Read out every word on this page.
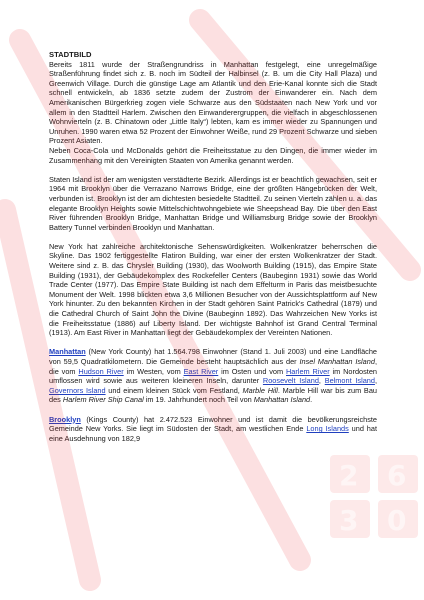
2 6
3 0

STADTBILD

Bereits 1811 wurde der Straßengrundriss in Manhattan festgelegt, eine unregelmäßige Straßenführung findet sich z. B. noch im Südteil der Halbinsel (z. B. um die City Hall Plaza) und Greenwich Village. Durch die günstige Lage am Atlantik und den Erie-Kanal konnte sich die Stadt schnell entwickeln, ab 1836 setzte zudem der Zustrom der Einwanderer ein. Nach dem Amerikanischen Bürgerkrieg zogen viele Schwarze aus den Südstaaten nach New York und vor allem in den Stadtteil Harlem. Zwischen den Einwanderergruppen, die vielfach in abgeschlossenen Wohnvierteln (z. B. Chinatown oder „Little Italy“) lebten, kam es immer wieder zu Spannungen und Unruhen. 1990 waren etwa 52 Prozent der Einwohner Weiße, rund 29 Prozent Schwarze und sieben Prozent Asiaten.

Neben Coca-Cola und McDonalds gehört die Freiheitsstatue zu den Dingen, die immer wieder im Zusammenhang mit den Vereinigten Staaten von Amerika genannt werden.

Staten Island ist der am wenigsten verstädterte Bezirk. Allerdings ist er beachtlich gewachsen, seit er 1964 mit Brooklyn über die Verrazano Narrows Bridge, eine der größten Hängebrücken der Welt, verbunden ist. Brooklyn ist der am dichtesten besiedelte Stadtteil. Zu seinen Vierteln zählen u. a. das elegante Brooklyn Heights sowie Mittelschichtwohngebiete wie Sheepshead Bay. Die über den East River führenden Brooklyn Bridge, Manhattan Bridge und Williamsburg Bridge sowie der Brooklyn Battery Tunnel verbinden Brooklyn und Manhattan.

New York hat zahlreiche architektonische Sehenswürdigkeiten. Wolkenkratzer beherrschen die Skyline. Das 1902 fertiggestellte Flatiron Building, war einer der ersten Wolkenkratzer der Stadt. Weitere sind z. B. das Chrysler Building (1930), das Woolworth Building (1915), das Empire State Building (1931), der Gebäudekomplex des Rockefeller Centers (Baubeginn 1931) sowie das World Trade Center (1977). Das Empire State Building ist nach dem Effelturm in Paris das meistbesuchte Monument der Welt. 1998 blickten etwa 3,6 Millionen Besucher von der Aussichtsplattform auf New York hinunter. Zu den bekannten Kirchen in der Stadt gehören Saint Patrick's Cathedral (1879) und die Cathedral Church of Saint John the Divine (Baubeginn 1892). Das Wahrzeichen New Yorks ist die Freiheitsstatue (1886) auf Liberty Island. Der wichtigste Bahnhof ist Grand Central Terminal (1913). Am East River in Manhattan liegt der Gebäudekomplex der Vereinten Nationen.

Manhattan (New York County) hat 1.564.798 Einwohner (Stand 1. Juli 2003) und eine Landfläche von 59,5 Quadratkilometern. Die Gemeinde besteht hauptsächlich aus der Insel Manhattan Island, die vom Hudson River im Westen, vom East River im Osten und vom Harlem River im Nordosten umflossen wird sowie aus weiteren kleineren Inseln, darunter Roosevelt Island, Belmont Island, Governors Island und einem kleinen Stück vom Festland, Marble Hill. Marble Hill war bis zum Bau des Harlem River Ship Canal im 19. Jahrhundert noch Teil von Manhattan Island.

Brooklyn (Kings County) hat 2.472.523 Einwohner und ist damit die bevölkerungsreichste Gemeinde New Yorks. Sie liegt im Südosten der Stadt, am westlichen Ende Long Islands und hat eine Ausdehnung von 182,9
